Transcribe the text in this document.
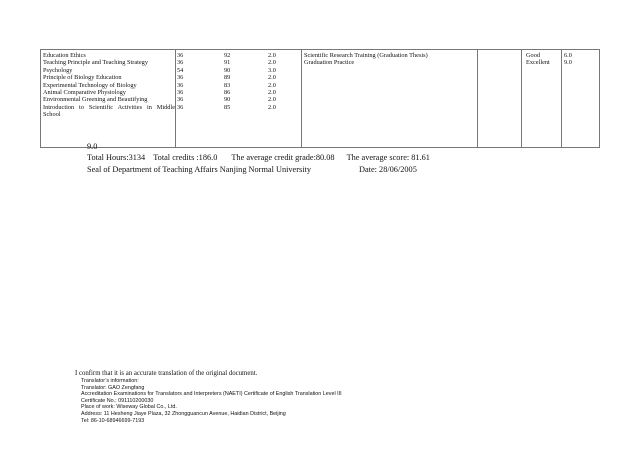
Education Ethics
Teaching Principle and Teaching Strategy
Psychology
Principle of Biology Education
Experimental Technology of Biology
Animal Comparative Physiology
Environmental Greening and Beautifying
Introduction to Scientific Activities in Middle School
36
36
54
36
36
36
36
36
92
91
90
89
83
86
90
85
2.0
2.0
3.0
2.0
2.0
2.0
2.0
2.0
Scientific Research Training (Graduation Thesis)
Graduation Practice
Good
Excellent
6.0
9.0
9.0
Total Hours:3134 Total credits :186.0 The average credit grade:80.08 The average score: 81.61
Seal of Department of Teaching Affairs Nanjing Normal University	Date: 28/06/2005
I confirm that it is an accurate translation of the original document.
Translator’s information:
Translator: GAO Zengfang
Accreditation Examinations for Translators and Interpreters (NAETI) Certificate of English Translation Level III
Certificate No.: 091110200030
Place of work: Wiseway Global Co., Ltd.
Address: 11 Hesheng Jiaye Plaza, 32 Zhongguancun Avenue, Haidian District, Beijing
Tel: 86-10-68946699-7193
